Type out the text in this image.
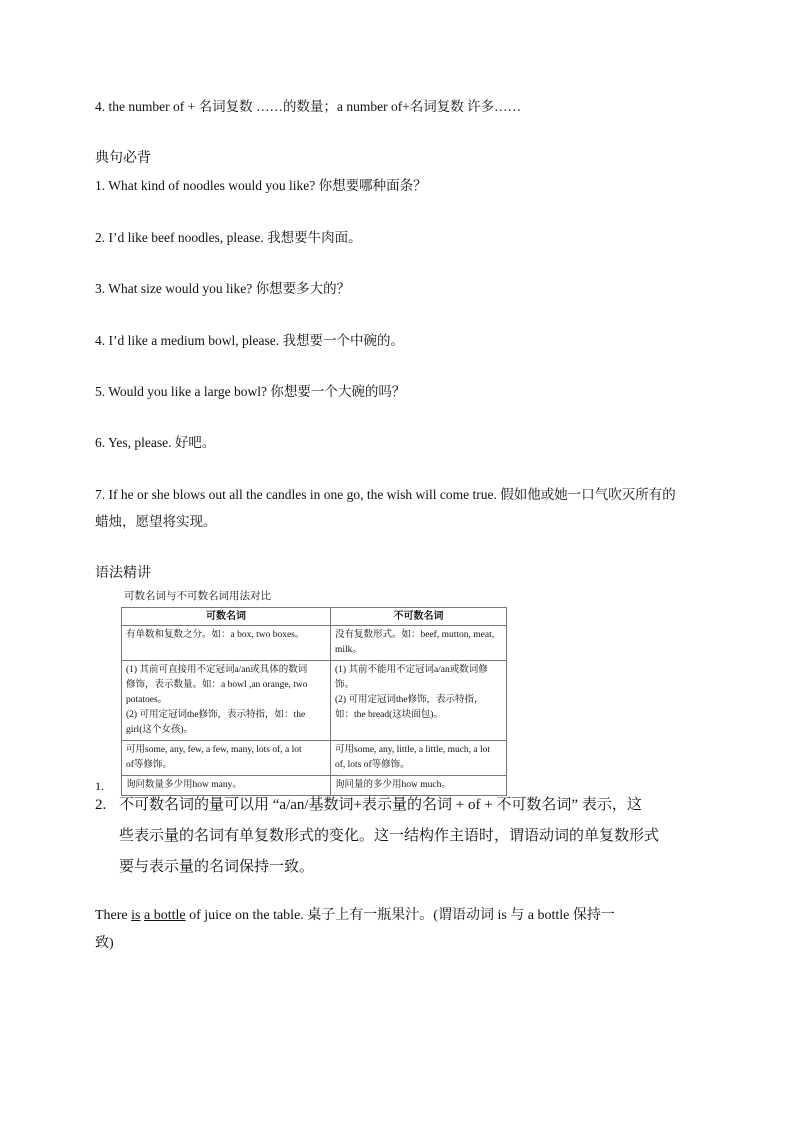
4. the number of + 名词复数 ……的数量；a number of+名词复数 许多……
典句必背
1. What kind of noodles would you like? 你想要哪种面条？
2. I’d like beef noodles, please. 我想要牛肉面。
3. What size would you like? 你想要多大的？
4. I’d like a medium bowl, please. 我想要一个中碗的。
5. Would you like a large bowl? 你想要一个大碗的吗？
6. Yes, please. 好吧。
7. If he or she blows out all the candles in one go, the wish will come true. 假如他或她一口气吹灭所有的
蜡烛，愿望将实现。
语法精讲
可数名词与不可数名词用法对比
可数名词	不可数名词

有单数和复数之分。如：a box, two boxes。	没有复数形式。如：beef, mutton, meat,
milk。

(1) 其前可直接用不定冠词a/an或具体的数词
修饰，表示数量。如：a bowl ,an orange, two
potatoes。
(2) 可用定冠词the修饰，表示特指，如：the
girl(这个女孩)。	(1) 其前不能用不定冠词a/an或数词修
饰。
(2) 可用定冠词the修饰，表示特指，
如：the bread(这块面包)。

可用some, any, few, a few, many, lots of, a lot
of等修饰。	可用some, any, little, a little, much, a lot
of, lots of等修饰。

询问数量多少用how many。	询问量的多少用how much。
1.
2. 不可数名词的量可以用 “a/an/基数词+表示量的名词 + of + 不可数名词” 表示，这
些表示量的名词有单复数形式的变化。这一结构作主语时，谓语动词的单复数形式
要与表示量的名词保持一致。
There is a bottle of juice on the table. 桌子上有一瓶果汁。(谓语动词 is 与 a bottle 保持一
致)
